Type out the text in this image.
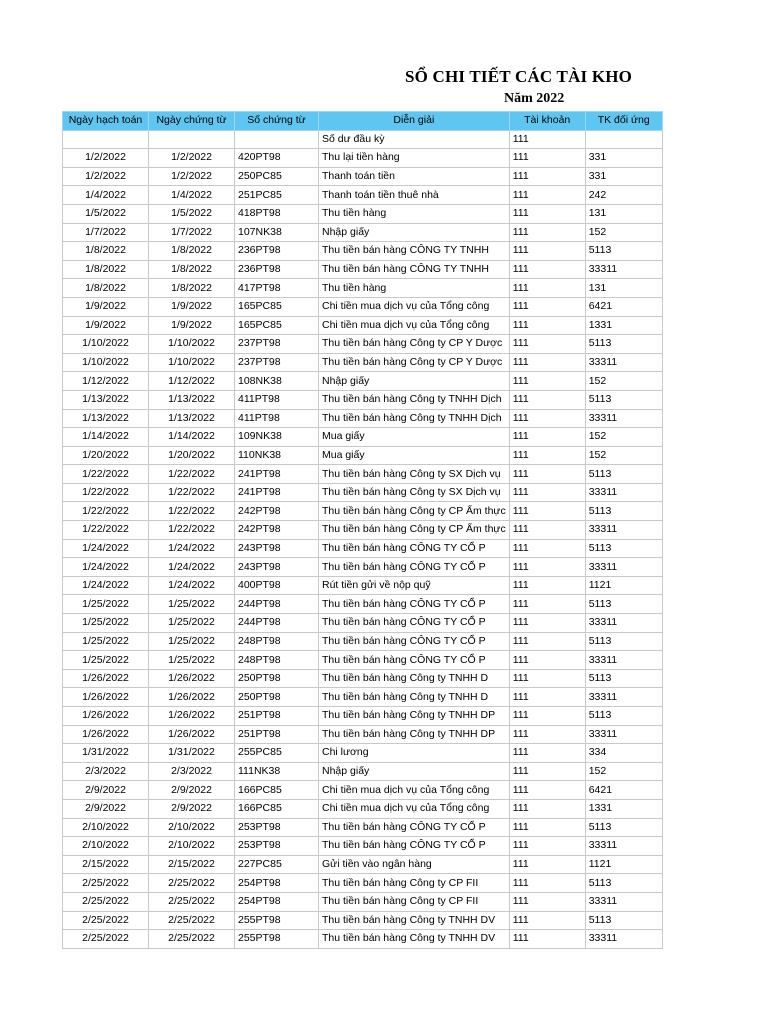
SỔ CHI TIẾT CÁC TÀI KHO
Năm 2022
Ngày hạch toán	Ngày chứng từ	Số chứng từ	Diễn giải	Tài khoản	TK đối ứng
			Số dư đầu kỳ	111	
1/2/2022	1/2/2022	420PT98	Thu lại tiền hàng	111	331
1/2/2022	1/2/2022	250PC85	Thanh toán tiền	111	331
1/4/2022	1/4/2022	251PC85	Thanh toán tiền thuê nhà	111	242
1/5/2022	1/5/2022	418PT98	Thu tiền hàng	111	131
1/7/2022	1/7/2022	107NK38	Nhập giấy	111	152
1/8/2022	1/8/2022	236PT98	Thu tiền bán hàng CÔNG TY TNHH	111	5113
1/8/2022	1/8/2022	236PT98	Thu tiền bán hàng CÔNG TY TNHH	111	33311
1/8/2022	1/8/2022	417PT98	Thu tiền hàng	111	131
1/9/2022	1/9/2022	165PC85	Chi tiền mua dịch vụ của Tổng công	111	6421
1/9/2022	1/9/2022	165PC85	Chi tiền mua dịch vụ của Tổng công	111	1331
1/10/2022	1/10/2022	237PT98	Thu tiền bán hàng Công ty CP Y Dược	111	5113
1/10/2022	1/10/2022	237PT98	Thu tiền bán hàng Công ty CP Y Dược	111	33311
1/12/2022	1/12/2022	108NK38	Nhập giấy	111	152
1/13/2022	1/13/2022	411PT98	Thu tiền bán hàng Công ty TNHH Dịch	111	5113
1/13/2022	1/13/2022	411PT98	Thu tiền bán hàng Công ty TNHH Dịch	111	33311
1/14/2022	1/14/2022	109NK38	Mua giấy	111	152
1/20/2022	1/20/2022	110NK38	Mua giấy	111	152
1/22/2022	1/22/2022	241PT98	Thu tiền bán hàng Công ty SX Dịch vụ	111	5113
1/22/2022	1/22/2022	241PT98	Thu tiền bán hàng Công ty SX Dịch vụ	111	33311
1/22/2022	1/22/2022	242PT98	Thu tiền bán hàng Công ty CP Ẩm thực	111	5113
1/22/2022	1/22/2022	242PT98	Thu tiền bán hàng Công ty CP Ẩm thực	111	33311
1/24/2022	1/24/2022	243PT98	Thu tiền bán hàng CÔNG TY CỔ P	111	5113
1/24/2022	1/24/2022	243PT98	Thu tiền bán hàng CÔNG TY CỔ P	111	33311
1/24/2022	1/24/2022	400PT98	Rút tiền gửi về nộp quỹ	111	1121
1/25/2022	1/25/2022	244PT98	Thu tiền bán hàng CÔNG TY CỔ P	111	5113
1/25/2022	1/25/2022	244PT98	Thu tiền bán hàng CÔNG TY CỔ P	111	33311
1/25/2022	1/25/2022	248PT98	Thu tiền bán hàng CÔNG TY CỔ P	111	5113
1/25/2022	1/25/2022	248PT98	Thu tiền bán hàng CÔNG TY CỔ P	111	33311
1/26/2022	1/26/2022	250PT98	Thu tiền bán hàng Công ty TNHH D	111	5113
1/26/2022	1/26/2022	250PT98	Thu tiền bán hàng Công ty TNHH D	111	33311
1/26/2022	1/26/2022	251PT98	Thu tiền bán hàng Công ty TNHH DP	111	5113
1/26/2022	1/26/2022	251PT98	Thu tiền bán hàng Công ty TNHH DP	111	33311
1/31/2022	1/31/2022	255PC85	Chi lương	111	334
2/3/2022	2/3/2022	111NK38	Nhập giấy	111	152
2/9/2022	2/9/2022	166PC85	Chi tiền mua dịch vụ của Tổng công	111	6421
2/9/2022	2/9/2022	166PC85	Chi tiền mua dịch vụ của Tổng công	111	1331
2/10/2022	2/10/2022	253PT98	Thu tiền bán hàng CÔNG TY CỔ P	111	5113
2/10/2022	2/10/2022	253PT98	Thu tiền bán hàng CÔNG TY CỔ P	111	33311
2/15/2022	2/15/2022	227PC85	Gửi tiền vào ngân hàng	111	1121
2/25/2022	2/25/2022	254PT98	Thu tiền bán hàng Công ty CP FII	111	5113
2/25/2022	2/25/2022	254PT98	Thu tiền bán hàng Công ty CP FII	111	33311
2/25/2022	2/25/2022	255PT98	Thu tiền bán hàng Công ty TNHH DV	111	5113
2/25/2022	2/25/2022	255PT98	Thu tiền bán hàng Công ty TNHH DV	111	33311
